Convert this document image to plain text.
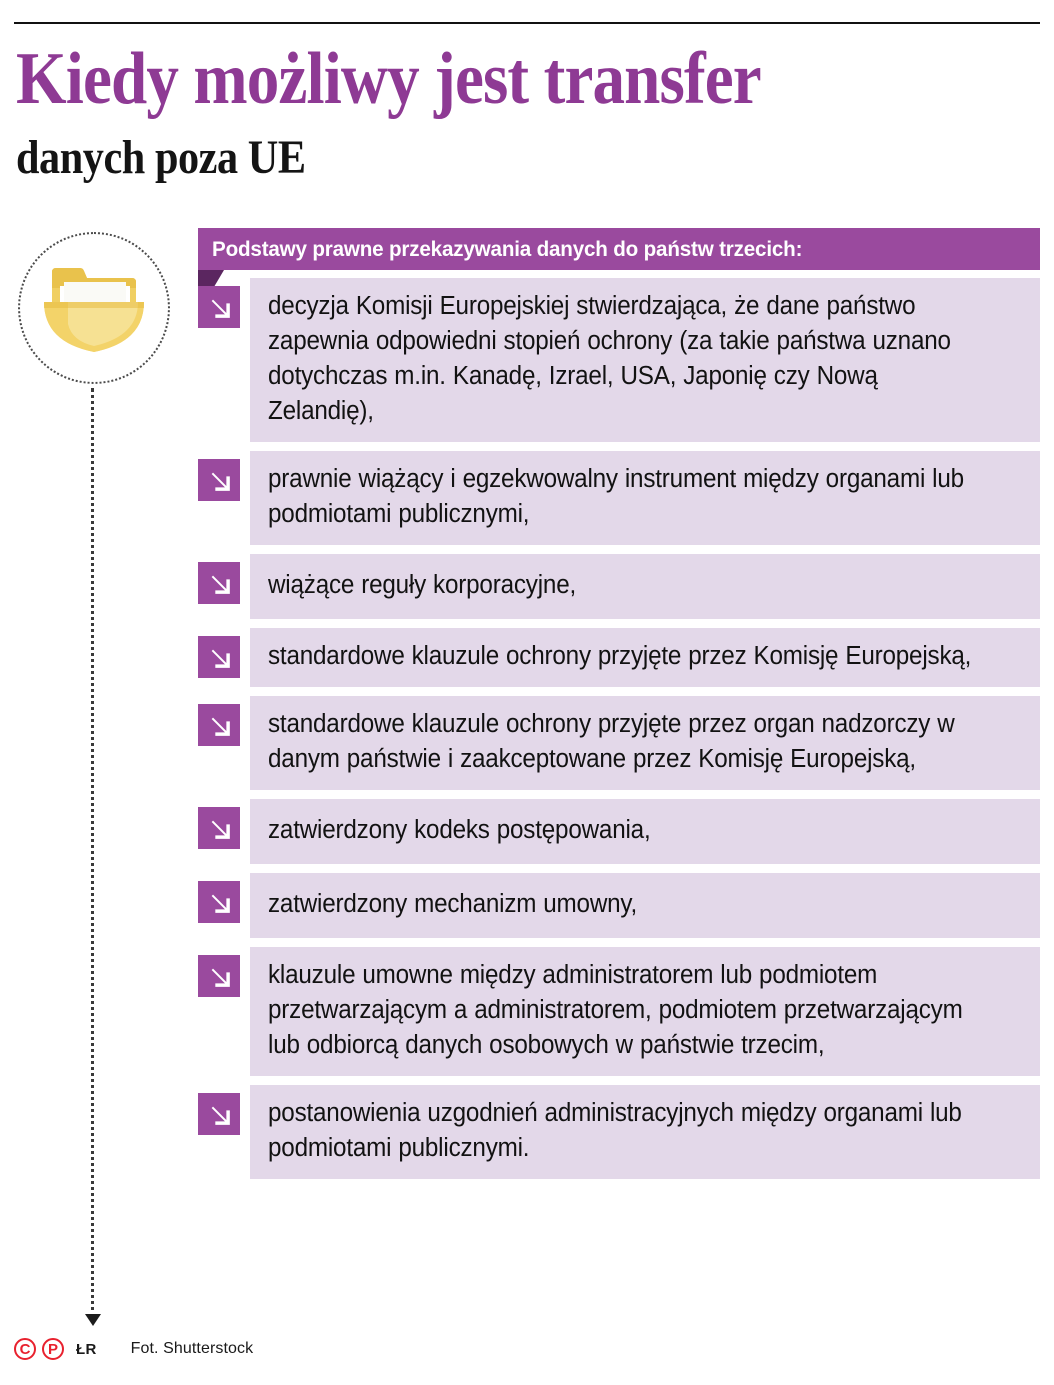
Kiedy możliwy jest transfer
danych poza UE
Podstawy prawne przekazywania danych do państw trzecich:
decyzja Komisji Europejskiej stwierdzająca, że dane państwo zapewnia odpowiedni stopień ochrony (za takie państwa uznano dotychczas m.in. Kanadę, Izrael, USA, Japonię czy Nową Zelandię),
prawnie wiążący i egzekwowalny instrument między organami lub podmiotami publicznymi,
wiążące reguły korporacyjne,
standardowe klauzule ochrony przyjęte przez Komisję Europejską,
standardowe klauzule ochrony przyjęte przez organ nadzorczy w danym państwie i zaakceptowane przez Komisję Europejską,
zatwierdzony kodeks postępowania,
zatwierdzony mechanizm umowny,
klauzule umowne między administratorem lub podmiotem przetwarzającym a administratorem, podmiotem przetwarzającym lub odbiorcą danych osobowych w państwie trzecim,
postanowienia uzgodnień administracyjnych między organami lub podmiotami publicznymi.
C	P	ŁR Fot. Shutterstock
